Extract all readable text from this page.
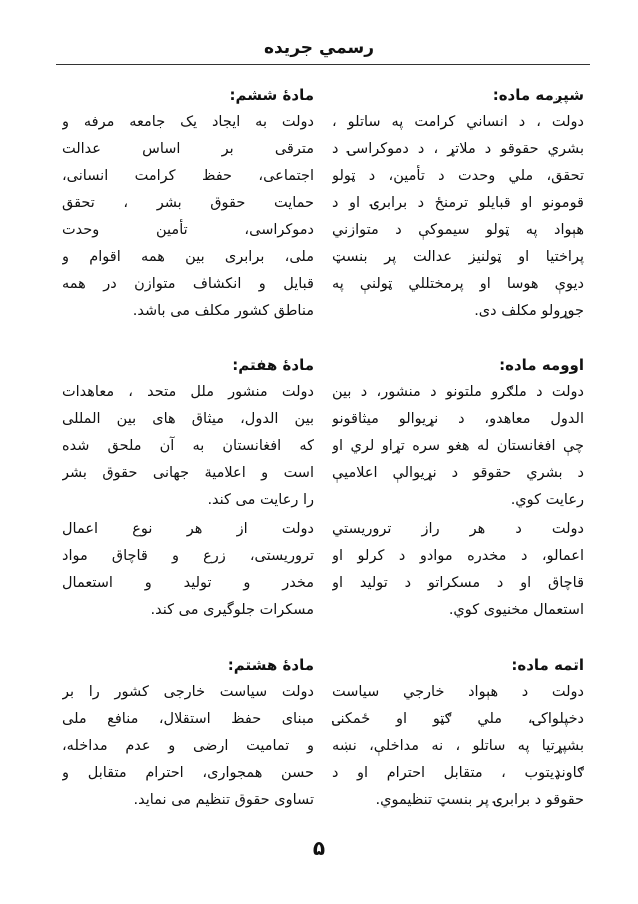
رسمي جريده
شپږمه ماده:
دولت ، د انساني كرامت په ساتلو ،
بشري حقوقو د ملاتړ ، د دموكراسۍ د
تحقق، ملي وحدت د تأمين، د ټولو
قومونو او قبايلو ترمنځ د برابرۍ او د
هېواد په ټولو سيموكې د متوازني
پراختيا او ټولنيز عدالت پر بنسټ
ديوې هوسا او پرمختللي ټولنې په
جوړولو مكلف دى.
اوومه ماده:
دولت د ملګرو ملتونو د منشور، د بين
الدول معاهدو، د نړيوالو ميثاقونو
چې افغانستان له هغو سره تړاو لري او
د بشري حقوقو د نړيوالې اعلاميې
رعايت كوي.
دولت د هر راز تروريستي
اعمالو، د مخدره موادو د كرلو او
قاچاق او د مسكراتو د توليد او
استعمال مخنيوى كوي.
اتمه ماده:
دولت د هېواد خارجي سياست
دخپلواكۍ، ملي ګټو او ځمكنۍ
بشپړتيا په ساتلو ، نه مداخلې، نښه
ګاونډيتوب ، متقابل احترام او د
حقوقو د برابرۍ پر بنسټ تنظيموي.
مادۀ ششم:
دولت به ايجاد يک جامعه مرفه و
مترقى بر اساس عدالت
اجتماعى، حفظ كرامت انسانى،
حمايت حقوق بشر ، تحقق
دموكراسى، تأمين وحدت
ملى، برابرى بين همه اقوام و
قبايل و انكشاف متوازن در همه
مناطق كشور مكلف مى باشد.
مادۀ هفتم:
دولت منشور ملل متحد ، معاهدات
بين الدول، ميثاق هاى بين المللى
كه افغانستان به آن ملحق شده
است و اعلامية جهانى حقوق بشر
را رعايت مى كند.
دولت از هر نوع اعمال
تروريستى، زرع و قاچاق مواد
مخدر و توليد و استعمال
مسكرات جلوگيرى مى كند.
مادۀ هشتم:
دولت سياست خارجى كشور را بر
مبناى حفظ استقلال، منافع ملى
و تماميت ارضى و عدم مداخله،
حسن همجوارى، احترام متقابل و
تساوى حقوق تنظيم مى نمايد.
۵
